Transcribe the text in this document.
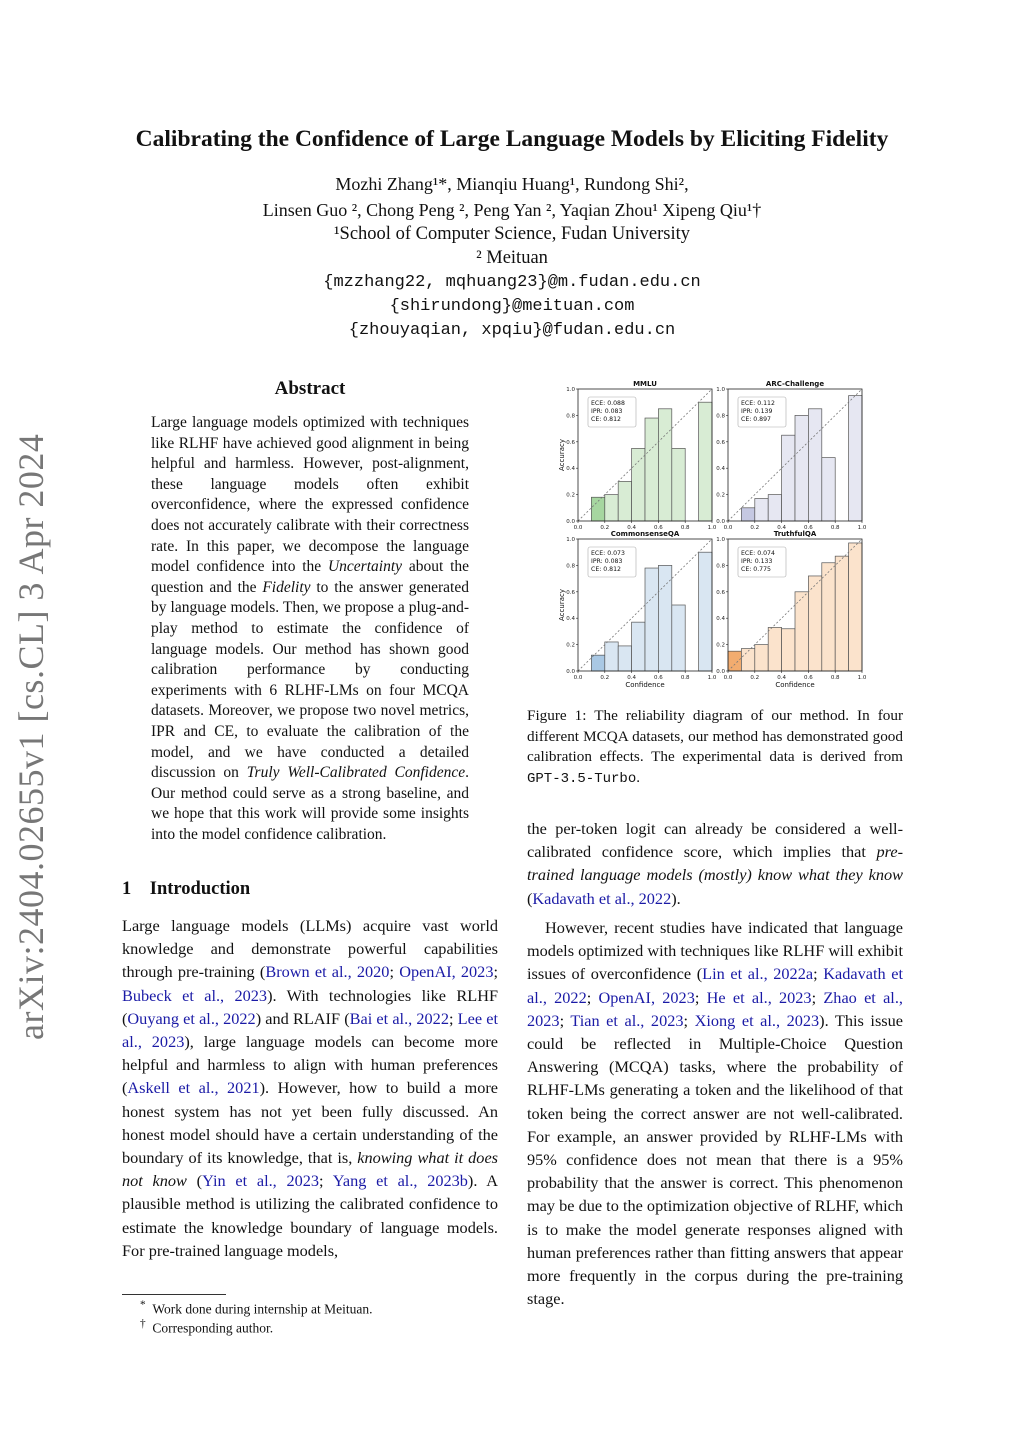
arXiv:2404.02655v1 [cs.CL] 3 Apr 2024
Calibrating the Confidence of Large Language Models by Eliciting Fidelity
Mozhi Zhang¹*, Mianqiu Huang¹, Rundong Shi²,
Linsen Guo ², Chong Peng ², Peng Yan ², Yaqian Zhou¹ Xipeng Qiu¹†
¹School of Computer Science, Fudan University
² Meituan
{mzzhang22, mqhuang23}@m.fudan.edu.cn
{shirundong}@meituan.com
{zhouyaqian, xpqiu}@fudan.edu.cn
Abstract
Large language models optimized with techniques like RLHF have achieved good alignment in being helpful and harmless. However, post-alignment, these language models often exhibit overconfidence, where the expressed confidence does not accurately calibrate with their correctness rate. In this paper, we decompose the language model confidence into the Uncertainty about the question and the Fidelity to the answer generated by language models. Then, we propose a plug-and-play method to estimate the confidence of language models. Our method has shown good calibration performance by conducting experiments with 6 RLHF-LMs on four MCQA datasets. Moreover, we propose two novel metrics, IPR and CE, to evaluate the calibration of the model, and we have conducted a detailed discussion on Truly Well-Calibrated Confidence. Our method could serve as a strong baseline, and we hope that this work will provide some insights into the model confidence calibration.
1 Introduction
Large language models (LLMs) acquire vast world knowledge and demonstrate powerful capabilities through pre-training (Brown et al., 2020; OpenAI, 2023; Bubeck et al., 2023). With technologies like RLHF (Ouyang et al., 2022) and RLAIF (Bai et al., 2022; Lee et al., 2023), large language models can become more helpful and harmless to align with human preferences (Askell et al., 2021). However, how to build a more honest system has not yet been fully discussed. An honest model should have a certain understanding of the boundary of its knowledge, that is, knowing what it does not know (Yin et al., 2023; Yang et al., 2023b). A plausible method is utilizing the calibrated confidence to estimate the knowledge boundary of language models. For pre-trained language models,
* Work done during internship at Meituan.
† Corresponding author.
MMLU
0.0	0.2	0.4	0.6	0.8	1.0
0.0
0.2
0.4
0.6
0.8
1.0
Accuracy
ECE: 0.088
IPR: 0.083
CE: 0.812
ARC-Challenge
0.0	0.2	0.4	0.6	0.8	1.0
0.0
0.2
0.4
0.6
0.8
1.0
ECE: 0.112
IPR: 0.139
CE: 0.897
CommonsenseQA
0.0	0.2	0.4	0.6	0.8	1.0
0.0
0.2
0.4
0.6
0.8
1.0
Accuracy
Confidence
ECE: 0.073
IPR: 0.083
CE: 0.812
TruthfulQA
0.0	0.2	0.4	0.6	0.8	1.0
0.0
0.2
0.4
0.6
0.8
1.0
Confidence
ECE: 0.074
IPR: 0.133
CE: 0.775
Figure 1: The reliability diagram of our method. In four different MCQA datasets, our method has demonstrated good calibration effects. The experimental data is derived from GPT-3.5-Turbo.
the per-token logit can already be considered a well-calibrated confidence score, which implies that pre-trained language models (mostly) know what they know (Kadavath et al., 2022).
However, recent studies have indicated that language models optimized with techniques like RLHF will exhibit issues of overconfidence (Lin et al., 2022a; Kadavath et al., 2022; OpenAI, 2023; He et al., 2023; Zhao et al., 2023; Tian et al., 2023; Xiong et al., 2023). This issue could be reflected in Multiple-Choice Question Answering (MCQA) tasks, where the probability of RLHF-LMs generating a token and the likelihood of that token being the correct answer are not well-calibrated. For example, an answer provided by RLHF-LMs with 95% confidence does not mean that there is a 95% probability that the answer is correct. This phenomenon may be due to the optimization objective of RLHF, which is to make the model generate responses aligned with human preferences rather than fitting answers that appear more frequently in the corpus during the pre-training stage.
